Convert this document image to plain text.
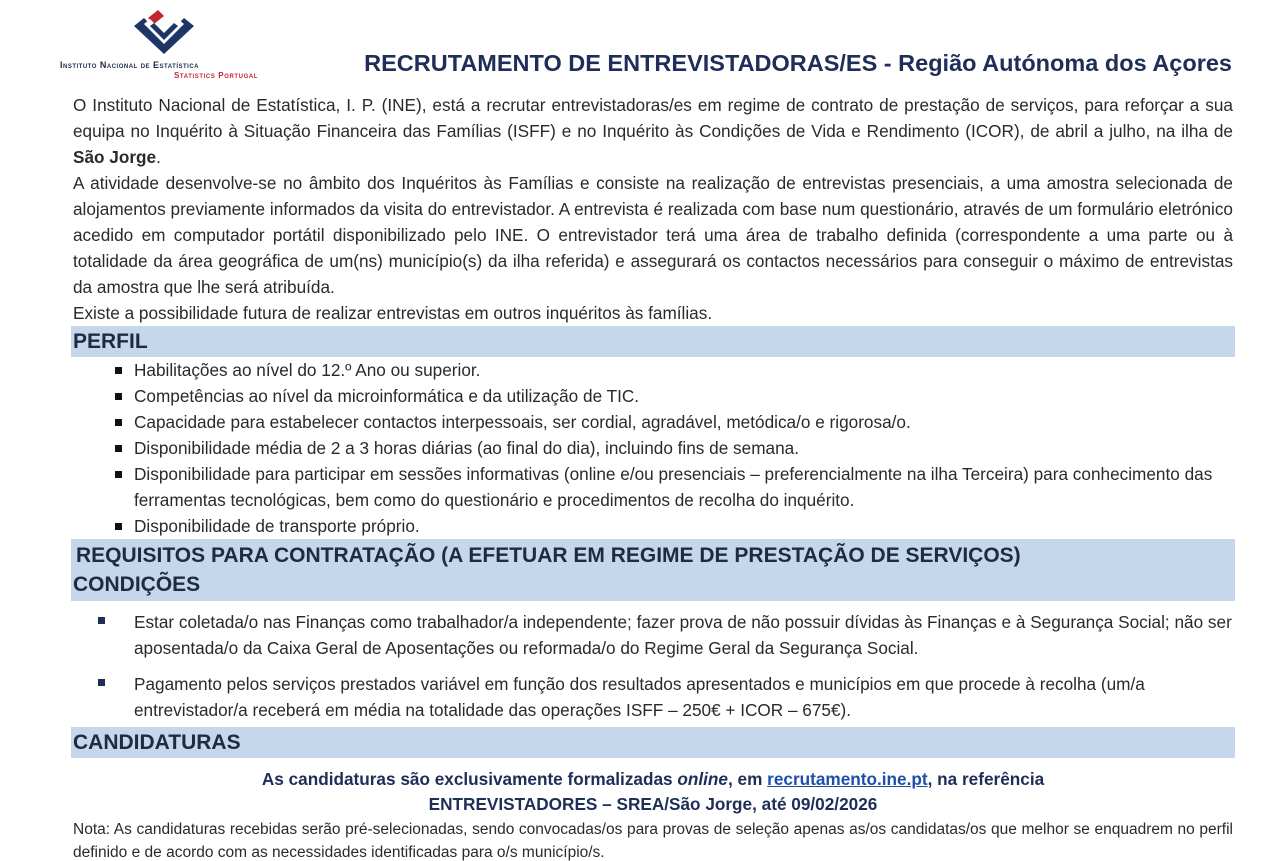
Instituto Nacional de Estatística
Statistics Portugal	RECRUTAMENTO DE ENTREVISTADORAS/ES - Região Autónoma dos Açores

O Instituto Nacional de Estatística, I. P. (INE), está a recrutar entrevistadoras/es em regime de contrato de prestação de serviços, para reforçar a sua equipa no Inquérito à Situação Financeira das Famílias (ISFF) e no Inquérito às Condições de Vida e Rendimento (ICOR), de abril a julho, na ilha de São Jorge.

A atividade desenvolve-se no âmbito dos Inquéritos às Famílias e consiste na realização de entrevistas presenciais, a uma amostra selecionada de alojamentos previamente informados da visita do entrevistador. A entrevista é realizada com base num questionário, através de um formulário eletrónico acedido em computador portátil disponibilizado pelo INE. O entrevistador terá uma área de trabalho definida (correspondente a uma parte ou à totalidade da área geográfica de um(ns) município(s) da ilha referida) e assegurará os contactos necessários para conseguir o máximo de entrevistas da amostra que lhe será atribuída.

Existe a possibilidade futura de realizar entrevistas em outros inquéritos às famílias.

PERFIL
Habilitações ao nível do 12.º Ano ou superior.
Competências ao nível da microinformática e da utilização de TIC.
Capacidade para estabelecer contactos interpessoais, ser cordial, agradável, metódica/o e rigorosa/o.
Disponibilidade média de 2 a 3 horas diárias (ao final do dia), incluindo fins de semana.
Disponibilidade para participar em sessões informativas (online e/ou presenciais – preferencialmente na ilha Terceira) para conhecimento das ferramentas tecnológicas, bem como do questionário e procedimentos de recolha do inquérito.
Disponibilidade de transporte próprio.
REQUISITOS PARA CONTRATAÇÃO (A EFETUAR EM REGIME DE PRESTAÇÃO DE SERVIÇOS)
CONDIÇÕES
Estar coletada/o nas Finanças como trabalhador/a independente; fazer prova de não possuir dívidas às Finanças e à Segurança Social; não ser aposentada/o da Caixa Geral de Aposentações ou reformada/o do Regime Geral da Segurança Social.
Pagamento pelos serviços prestados variável em função dos resultados apresentados e municípios em que procede à recolha (um/a entrevistador/a receberá em média na totalidade das operações ISFF – 250€ + ICOR – 675€).
CANDIDATURAS
As candidaturas são exclusivamente formalizadas online, em recrutamento.ine.pt, na referência
ENTREVISTADORES – SREA/São Jorge, até 09/02/2026

Nota: As candidaturas recebidas serão pré-selecionadas, sendo convocadas/os para provas de seleção apenas as/os candidatas/os que melhor se enquadrem no perfil definido e de acordo com as necessidades identificadas para o/s município/s.
